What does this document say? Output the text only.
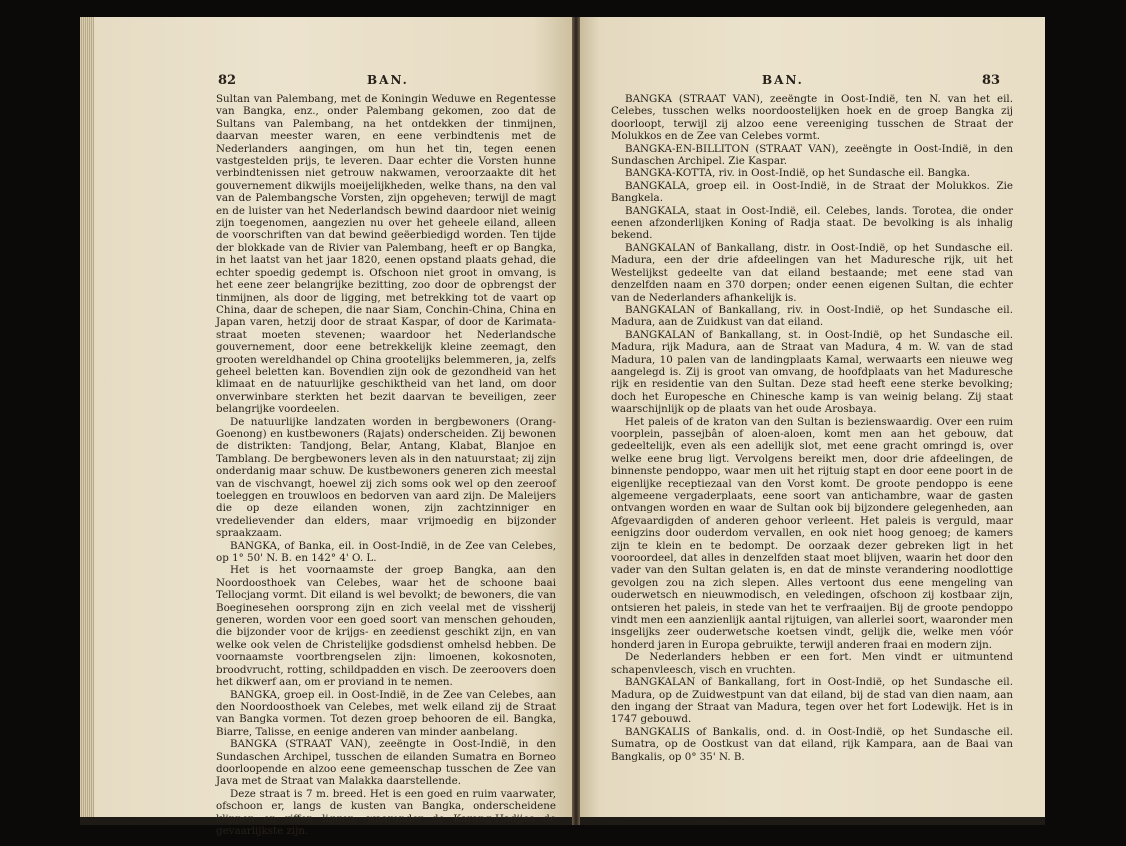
82	BAN.

Sultan van Palembang, met de Koningin Weduwe en Regentesse van Bangka, enz., onder Palembang gekomen, zoo dat de Sultans van Palembang, na het ontdekken der tinmijnen, daarvan meester waren, en eene verbindtenis met de Nederlanders aangingen, om hun het tin, tegen eenen vastgestelden prijs, te leveren. Daar echter die Vorsten hunne verbindtenissen niet getrouw nakwamen, veroorzaakte dit het gouvernement dikwijls moeijelijkheden, welke thans, na den val van de Palembangsche Vorsten, zijn opgeheven; terwijl de magt en de luister van het Nederlandsch bewind daardoor niet weinig zijn toegenomen, aangezien nu over het geheele eiland, alleen de voorschriften van dat bewind geëerbiedigd worden. Ten tijde der blokkade van de Rivier van Palembang, heeft er op Bangka, in het laatst van het jaar 1820, eenen opstand plaats gehad, die echter spoedig gedempt is. Ofschoon niet groot in omvang, is het eene zeer belangrijke bezitting, zoo door de opbrengst der tinmijnen, als door de ligging, met betrekking tot de vaart op China, daar de schepen, die naar Siam, Conchin-China, China en Japan varen, hetzij door de straat Kaspar, of door de Karimata-straat moeten stevenen; waardoor het Nederlandsche gouvernement, door eene betrekkelijk kleine zeemagt, den grooten wereldhandel op China grootelijks belemmeren, ja, zelfs geheel beletten kan. Bovendien zijn ook de gezondheid van het klimaat en de natuurlijke geschiktheid van het land, om door onverwinbare sterkten het bezit daarvan te beveiligen, zeer belangrijke voordeelen.

De natuurlijke landzaten worden in bergbewoners (Orang-Goenong) en kustbewoners (Rajats) onderscheiden. Zij bewonen de distrikten: Tandjong, Belar, Antang, Klabat, Blanjoe en Tamblang. De bergbewoners leven als in den natuurstaat; zij zijn onderdanig maar schuw. De kustbewoners generen zich meestal van de vischvangt, hoewel zij zich soms ook wel op den zeeroof toeleggen en trouwloos en bedorven van aard zijn. De Maleijers die op deze eilanden wonen, zijn zachtzinniger en vredelievender dan elders, maar vrijmoedig en bijzonder spraakzaam.

BANGKA, of Banka, eil. in Oost-Indië, in de Zee van Celebes, op 1° 50' N. B. en 142° 4' O. L.

Het is het voornaamste der groep Bangka, aan den Noordoosthoek van Celebes, waar het de schoone baai Tellocjang vormt. Dit eiland is wel bevolkt; de bewoners, die van Boeginesehen oorsprong zijn en zich veelal met de vissherij generen, worden voor een goed soort van menschen gehouden, die bijzonder voor de krijgs- en zeedienst geschikt zijn, en van welke ook velen de Christelijke godsdienst omhelsd hebben. De voornaamste voortbrengselen zijn: limoenen, kokosnoten, broodvrucht, rotting, schildpadden en visch. De zeeroovers doen het dikwerf aan, om er proviand in te nemen.

BANGKA, groep eil. in Oost-Indië, in de Zee van Celebes, aan den Noordoosthoek van Celebes, met welk eiland zij de Straat van Bangka vormen. Tot dezen groep behooren de eil. Bangka, Biarre, Talisse, en eenige anderen van minder aanbelang.

BANGKA (STRAAT VAN), zeeëngte in Oost-Indië, in den Sundaschen Archipel, tusschen de eilanden Sumatra en Borneo doorloopende en alzoo eene gemeenschap tusschen de Zee van Java met de Straat van Malakka daarstellende.

Deze straat is 7 m. breed. Het is een goed en ruim vaarwater, ofschoon er, langs de kusten van Bangka, onderscheidene klippen en riffen liggen, waaronder de Karang-Hadjies de gevaarlijkste zijn.

BAN.	83

BANGKA (STRAAT VAN), zeeëngte in Oost-Indië, ten N. van het eil. Celebes, tusschen welks noordoostelijken hoek en de groep Bangka zij doorloopt, terwijl zij alzoo eene vereeniging tusschen de Straat der Molukkos en de Zee van Celebes vormt.

BANGKA-EN-BILLITON (STRAAT VAN), zeeëngte in Oost-Indië, in den Sundaschen Archipel. Zie Kaspar.

BANGKA-KOTTA, riv. in Oost-Indië, op het Sundasche eil. Bangka.

BANGKALA, groep eil. in Oost-Indië, in de Straat der Molukkos. Zie Bangkela.

BANGKALA, staat in Oost-Indië, eil. Celebes, lands. Torotea, die onder eenen afzonderlijken Koning of Radja staat. De bevolking is als inhalig bekend.

BANGKALAN of Bankallang, distr. in Oost-Indië, op het Sundasche eil. Madura, een der drie afdeelingen van het Maduresche rijk, uit het Westelijkst gedeelte van dat eiland bestaande; met eene stad van denzelfden naam en 370 dorpen; onder eenen eigenen Sultan, die echter van de Nederlanders afhankelijk is.

BANGKALAN of Bankallang, riv. in Oost-Indië, op het Sundasche eil. Madura, aan de Zuidkust van dat eiland.

BANGKALAN of Bankallang, st. in Oost-Indië, op het Sundasche eil. Madura, rijk Madura, aan de Straat van Madura, 4 m. W. van de stad Madura, 10 palen van de landingplaats Kamal, werwaarts een nieuwe weg aangelegd is. Zij is groot van omvang, de hoofdplaats van het Maduresche rijk en residentie van den Sultan. Deze stad heeft eene sterke bevolking; doch het Europesche en Chinesche kamp is van weinig belang. Zij staat waarschijnlijk op de plaats van het oude Arosbaya.

Het paleis of de kraton van den Sultan is bezienswaardig. Over een ruim voorplein, passejbân of aloen-aloen, komt men aan het gebouw, dat gedeeltelijk, even als een adellijk slot, met eene gracht omringd is, over welke eene brug ligt. Vervolgens bereikt men, door drie afdeelingen, de binnenste pendoppo, waar men uit het rijtuig stapt en door eene poort in de eigenlijke receptiezaal van den Vorst komt. De groote pendoppo is eene algemeene vergaderplaats, eene soort van antichambre, waar de gasten ontvangen worden en waar de Sultan ook bij bijzondere gelegenheden, aan Afgevaardigden of anderen gehoor verleent. Het paleis is verguld, maar eenigzins door ouderdom vervallen, en ook niet hoog genoeg; de kamers zijn te klein en te bedompt. De oorzaak dezer gebreken ligt in het vooroordeel, dat alles in denzelfden staat moet blijven, waarin het door den vader van den Sultan gelaten is, en dat de minste verandering noodlottige gevolgen zou na zich slepen. Alles vertoont dus eene mengeling van ouderwetsch en nieuwmodisch, en veledingen, ofschoon zij kostbaar zijn, ontsieren het paleis, in stede van het te verfraaijen. Bij de groote pendoppo vindt men een aanzienlijk aantal rijtuigen, van allerlei soort, waaronder men insgelijks zeer ouderwetsche koetsen vindt, gelijk die, welke men vóór honderd jaren in Europa gebruikte, terwijl anderen fraai en modern zijn.

De Nederlanders hebben er een fort. Men vindt er uitmuntend schapenvleesch, visch en vruchten.

BANGKALAN of Bankallang, fort in Oost-Indië, op het Sundasche eil. Madura, op de Zuidwestpunt van dat eiland, bij de stad van dien naam, aan den ingang der Straat van Madura, tegen over het fort Lodewijk. Het is in 1747 gebouwd.

BANGKALIS of Bankalis, ond. d. in Oost-Indië, op het Sundasche eil. Sumatra, op de Oostkust van dat eiland, rijk Kampara, aan de Baai van Bangkalis, op 0° 35' N. B.
